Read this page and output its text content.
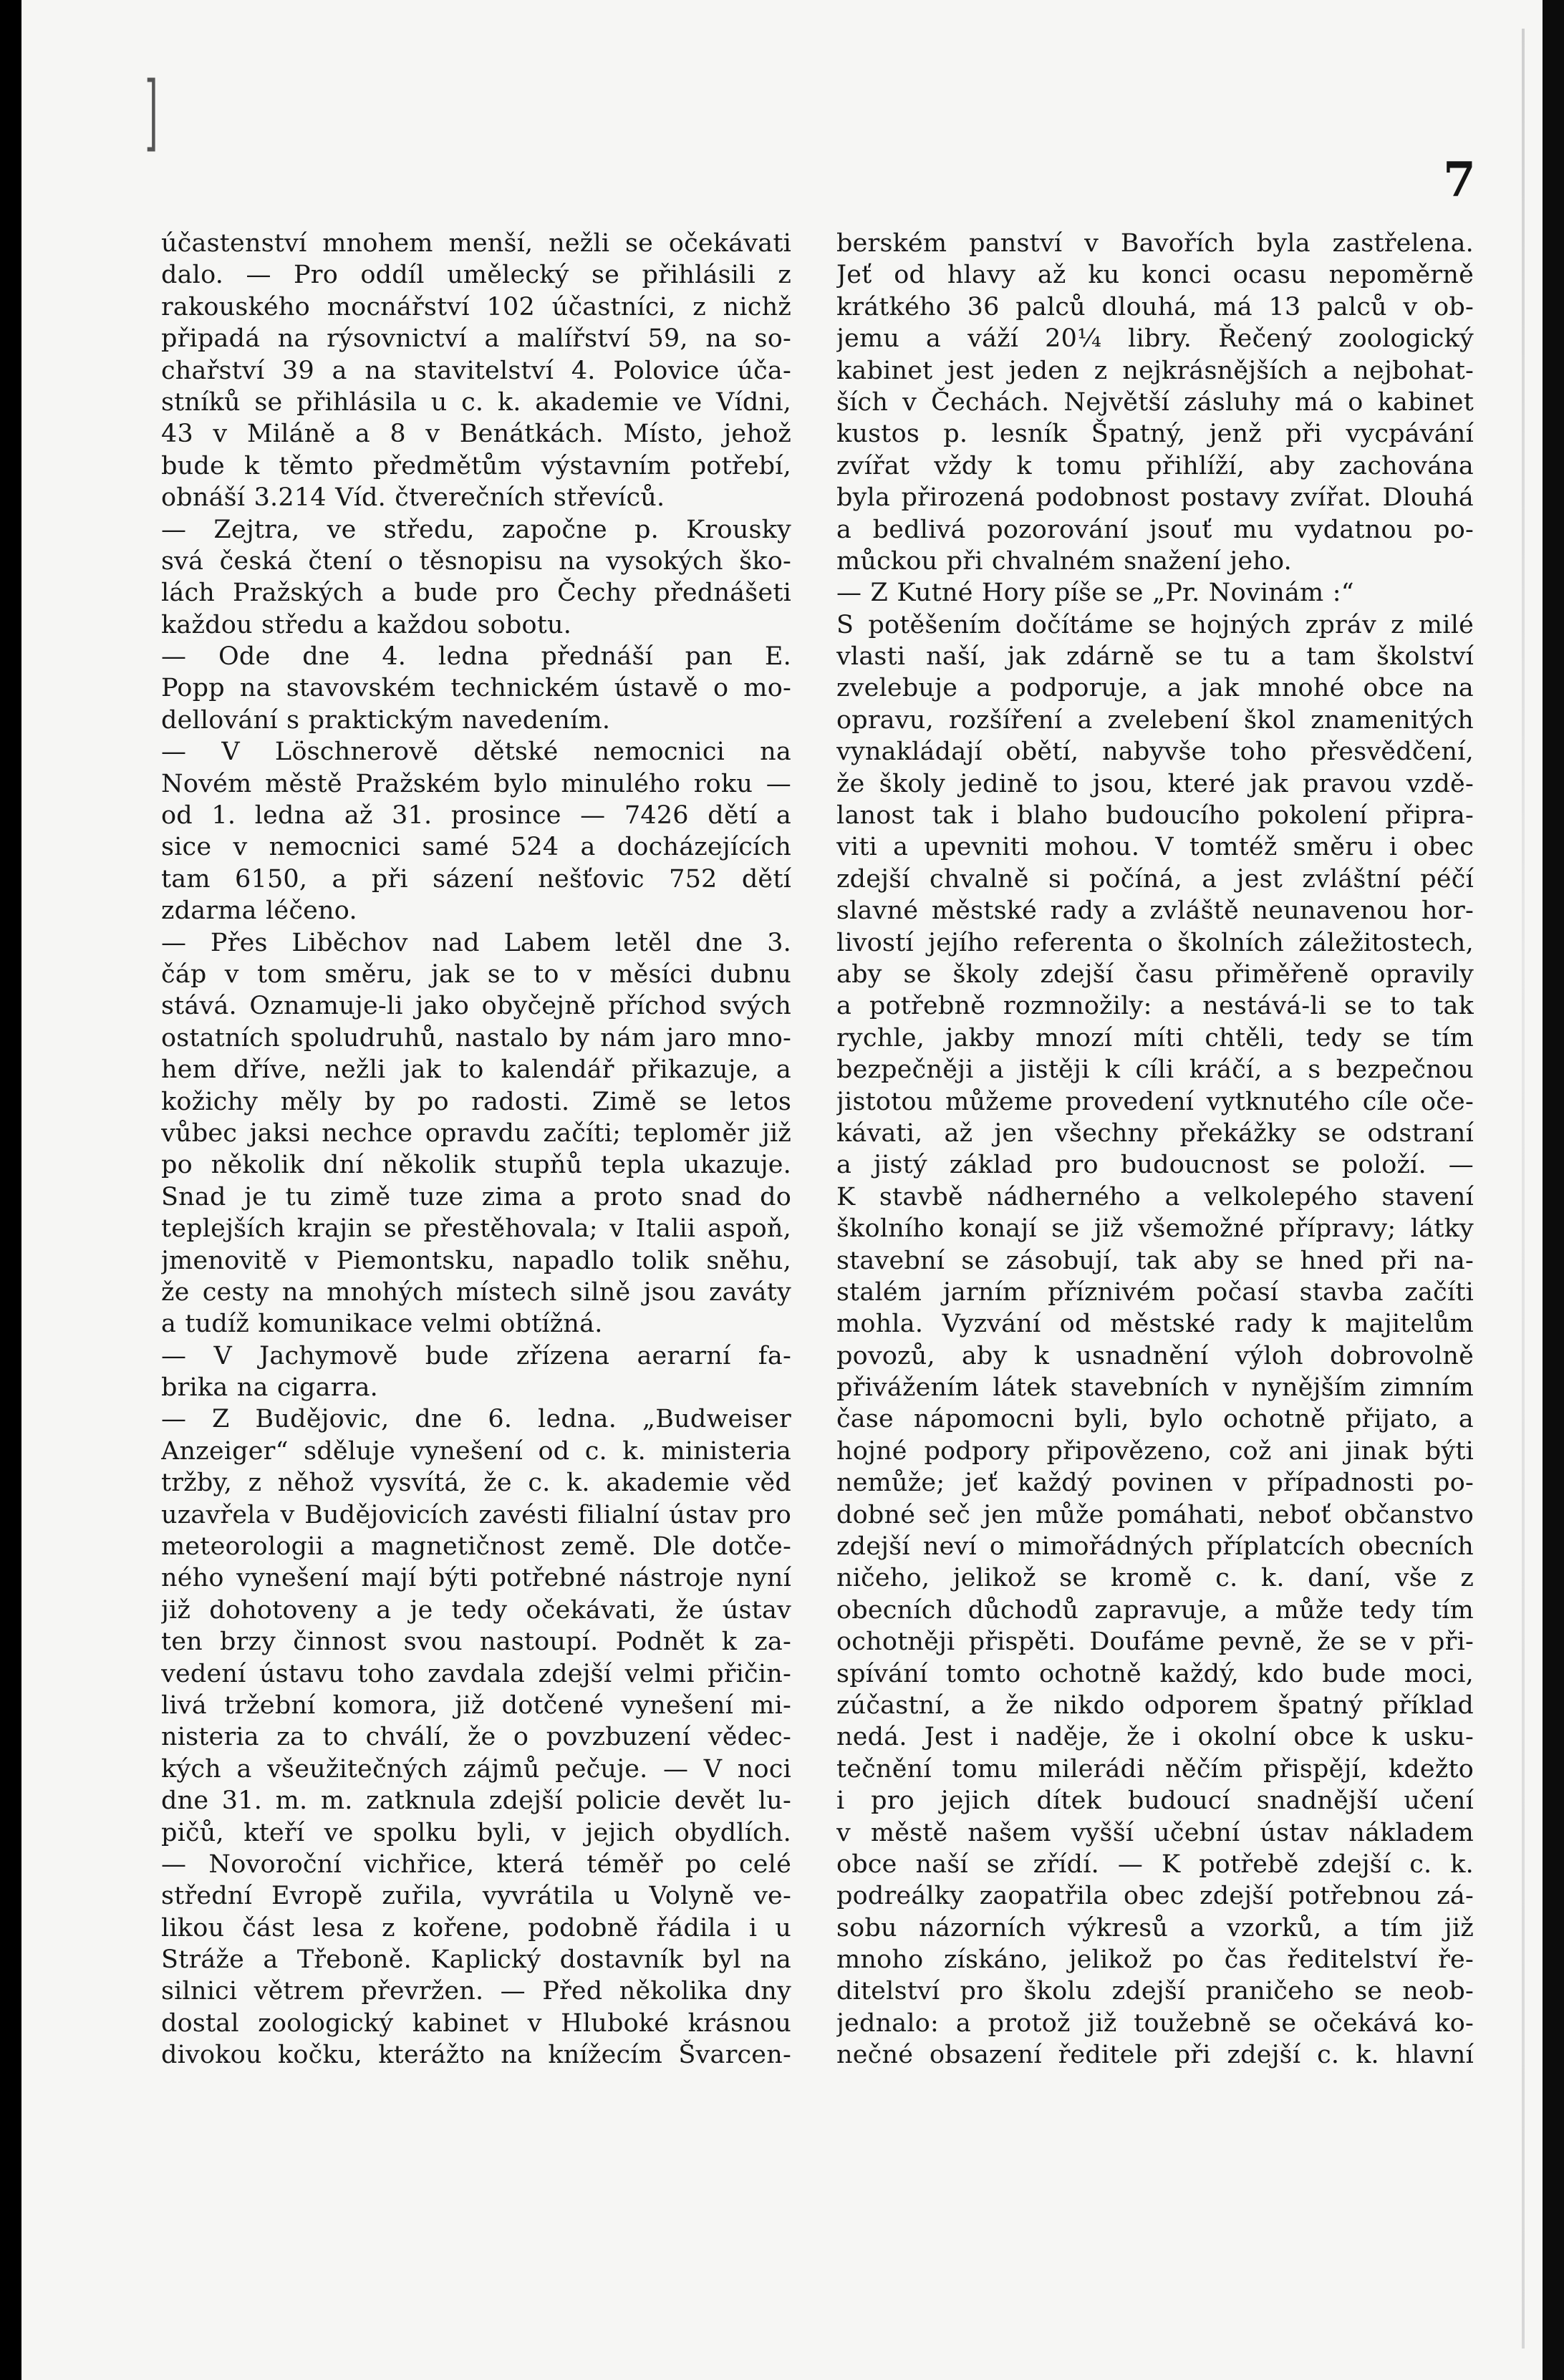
]
7
účastenství mnohem menší, nežli se očekávati
dalo. — Pro oddíl umělecký se přihlásili z
rakouského mocnářství 102 účastníci, z nichž
připadá na rýsovnictví a malířství 59, na so-
chařství 39 a na stavitelství 4. Polovice úča-
stníků se přihlásila u c. k. akademie ve Vídni,
43 v Miláně a 8 v Benátkách. Místo, jehož
bude k těmto předmětům výstavním potřebí,
obnáší 3.214 Víd. čtverečních střevíců.
— Zejtra, ve středu, započne p. Krousky
svá česká čtení o těsnopisu na vysokých ško-
lách Pražských a bude pro Čechy přednášeti
každou středu a každou sobotu.
— Ode dne 4. ledna přednáší pan E.
Popp na stavovském technickém ústavě o mo-
dellování s praktickým navedením.
— V Löschnerově dětské nemocnici na
Novém městě Pražském bylo minulého roku —
od 1. ledna až 31. prosince — 7426 dětí a
sice v nemocnici samé 524 a docházejících
tam 6150, a při sázení nešťovic 752 dětí
zdarma léčeno.
— Přes Liběchov nad Labem letěl dne 3.
čáp v tom směru, jak se to v měsíci dubnu
stává. Oznamuje-li jako obyčejně příchod svých
ostatních spoludruhů, nastalo by nám jaro mno-
hem dříve, nežli jak to kalendář přikazuje, a
kožichy měly by po radosti. Zimě se letos
vůbec jaksi nechce opravdu začíti; teploměr již
po několik dní několik stupňů tepla ukazuje.
Snad je tu zimě tuze zima a proto snad do
teplejších krajin se přestěhovala; v Italii aspoň,
jmenovitě v Piemontsku, napadlo tolik sněhu,
že cesty na mnohých místech silně jsou zaváty
a tudíž komunikace velmi obtížná.
— V Jachymově bude zřízena aerarní fa-
brika na cigarra.
— Z Budějovic, dne 6. ledna. „Budweiser
Anzeiger“ sděluje vynešení od c. k. ministeria
tržby, z něhož vysvítá, že c. k. akademie věd
uzavřela v Budějovicích zavésti filialní ústav pro
meteorologii a magnetičnost země. Dle dotče-
ného vynešení mají býti potřebné nástroje nyní
již dohotoveny a je tedy očekávati, že ústav
ten brzy činnost svou nastoupí. Podnět k za-
vedení ústavu toho zavdala zdejší velmi přičin-
livá tržební komora, již dotčené vynešení mi-
nisteria za to chválí, že o povzbuzení vědec-
kých a všeužitečných zájmů pečuje. — V noci
dne 31. m. m. zatknula zdejší policie devět lu-
pičů, kteří ve spolku byli, v jejich obydlích.
— Novoroční vichřice, která téměř po celé
střední Evropě zuřila, vyvrátila u Volyně ve-
likou část lesa z kořene, podobně řádila i u
Stráže a Třeboně. Kaplický dostavník byl na
silnici větrem převržen. — Před několika dny
dostal zoologický kabinet v Hluboké krásnou
divokou kočku, kterážto na knížecím Švarcen-
berském panství v Bavořích byla zastřelena.
Jeť od hlavy až ku konci ocasu nepoměrně
krátkého 36 palců dlouhá, má 13 palců v ob-
jemu a váží 20¼ libry. Řečený zoologický
kabinet jest jeden z nejkrásnějších a nejbohat-
ších v Čechách. Největší zásluhy má o kabinet
kustos p. lesník Špatný, jenž při vycpávání
zvířat vždy k tomu přihlíží, aby zachována
byla přirozená podobnost postavy zvířat. Dlouhá
a bedlivá pozorování jsouť mu vydatnou po-
můckou při chvalném snažení jeho.
— Z Kutné Hory píše se „Pr. Novinám :“
S potěšením dočítáme se hojných zpráv z milé
vlasti naší, jak zdárně se tu a tam školství
zvelebuje a podporuje, a jak mnohé obce na
opravu, rozšíření a zvelebení škol znamenitých
vynakládají obětí, nabyvše toho přesvědčení,
že školy jedině to jsou, které jak pravou vzdě-
lanost tak i blaho budoucího pokolení připra-
viti a upevniti mohou. V tomtéž směru i obec
zdejší chvalně si počíná, a jest zvláštní péčí
slavné městské rady a zvláště neunavenou hor-
livostí jejího referenta o školních záležitostech,
aby se školy zdejší času přiměřeně opravily
a potřebně rozmnožily: a nestává-li se to tak
rychle, jakby mnozí míti chtěli, tedy se tím
bezpečněji a jistěji k cíli kráčí, a s bezpečnou
jistotou můžeme provedení vytknutého cíle oče-
kávati, až jen všechny překážky se odstraní
a jistý základ pro budoucnost se položí. —
K stavbě nádherného a velkolepého stavení
školního konají se již všemožné přípravy; látky
stavební se zásobují, tak aby se hned při na-
stalém jarním příznivém počasí stavba začíti
mohla. Vyzvání od městské rady k majitelům
povozů, aby k usnadnění výloh dobrovolně
přivážením látek stavebních v nynějším zimním
čase nápomocni byli, bylo ochotně přijato, a
hojné podpory připovězeno, což ani jinak býti
nemůže; jeť každý povinen v případnosti po-
dobné seč jen může pomáhati, neboť občanstvo
zdejší neví o mimořádných příplatcích obecních
ničeho, jelikož se kromě c. k. daní, vše z
obecních důchodů zapravuje, a může tedy tím
ochotněji přispěti. Doufáme pevně, že se v při-
spívání tomto ochotně každý, kdo bude moci,
zúčastní, a že nikdo odporem špatný příklad
nedá. Jest i naděje, že i okolní obce k usku-
tečnění tomu milerádi něčím přispějí, kdežto
i pro jejich dítek budoucí snadnější učení
v městě našem vyšší učební ústav nákladem
obce naší se zřídí. — K potřebě zdejší c. k.
podreálky zaopatřila obec zdejší potřebnou zá-
sobu názorních výkresů a vzorků, a tím již
mnoho získáno, jelikož po čas ředitelství ře-
ditelství pro školu zdejší praničeho se neob-
jednalo: a protož již toužebně se očekává ko-
nečné obsazení ředitele při zdejší c. k. hlavní
